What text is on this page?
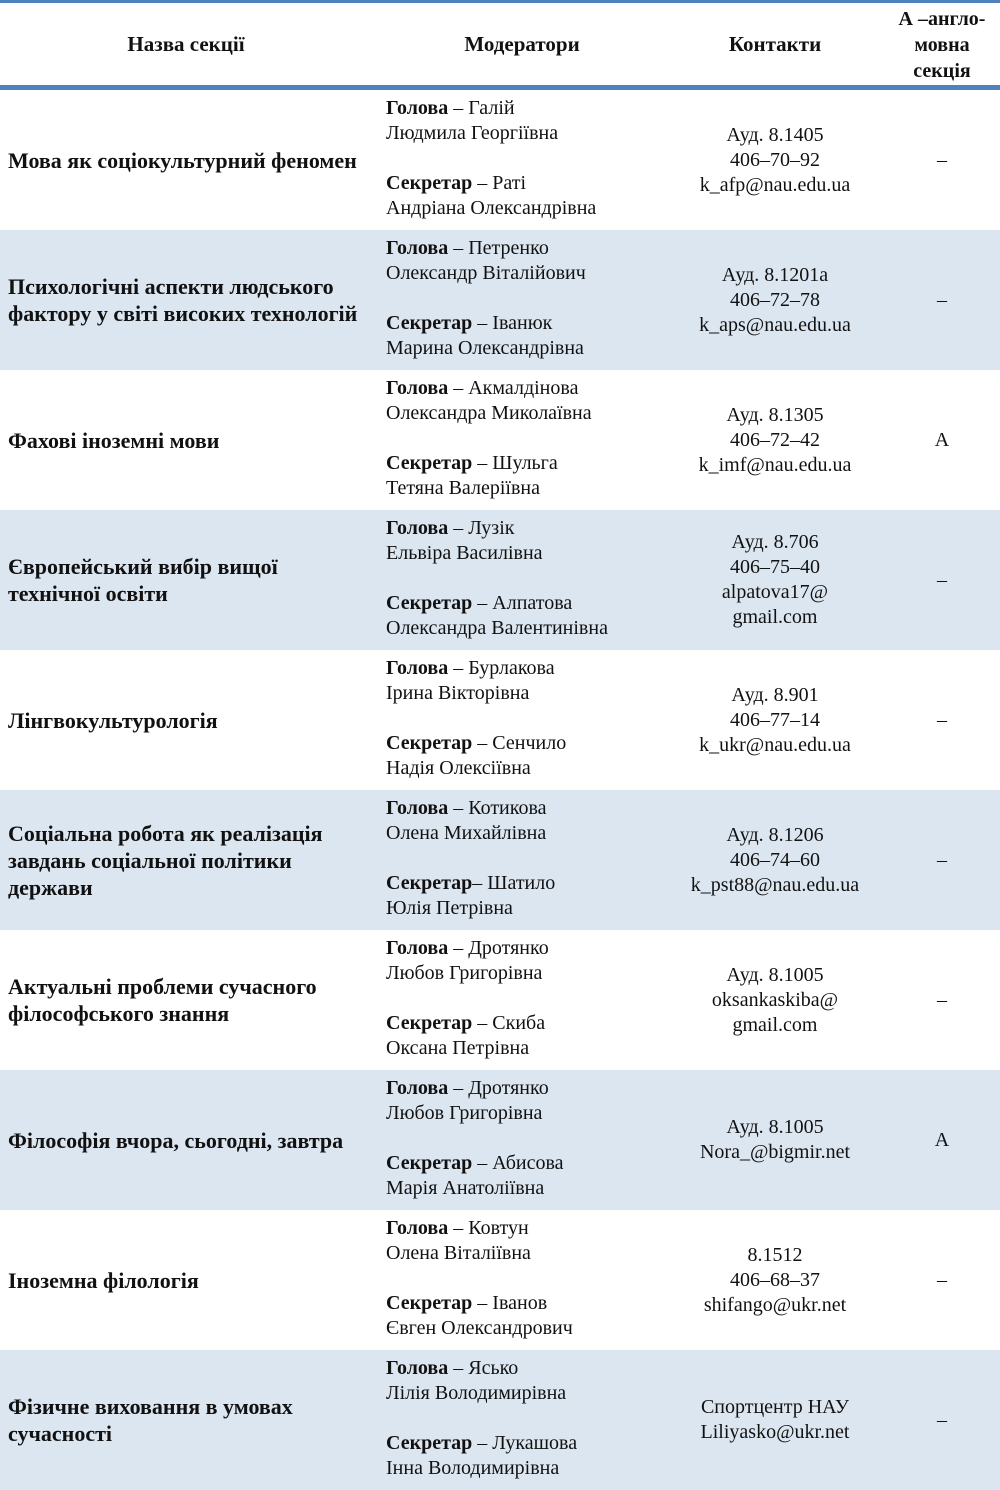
Назва секції	Модератори	Контакти
А –англо-мовна секція
Мова як соціокультурний феномен
Голова – Галій
Людмила Георгіївна
Секретар – Раті
Андріана Олександрівна
Ауд. 8.1405
406–70–92
k_afp@nau.edu.ua
–
Психологічні аспекти людського фактору у світі високих технологій
Голова – Петренко
Олександр Віталійович
Секретар – Іванюк
Марина Олександрівна
Ауд. 8.1201а
406–72–78
k_aps@nau.edu.ua
–
Фахові іноземні мови
Голова – Акмалдінова
Олександра Миколаївна
Секретар – Шульга
Тетяна Валеріївна
Ауд. 8.1305
406–72–42
k_imf@nau.edu.ua
А
Європейський вибір вищої технічної освіти
Голова – Лузік
Ельвіра Василівна
Секретар – Алпатова
Олександра Валентинівна
Ауд. 8.706
406–75–40
alpatova17@
gmail.com
–
Лінгвокультурологія
Голова – Бурлакова
Ірина Вікторівна
Секретар – Сенчило
Надія Олексіївна
Ауд. 8.901
406–77–14
k_ukr@nau.edu.ua
–
Соціальна робота як реалізація завдань соціальної політики держави
Голова – Котикова
Олена Михайлівна
Секретар– Шатило
Юлія Петрівна
Ауд. 8.1206
406–74–60
k_pst88@nau.edu.ua
–
Актуальні проблеми сучасного філософського знання
Голова – Дротянко
Любов Григорівна
Секретар – Скиба
Оксана Петрівна
Ауд. 8.1005
oksankaskiba@
gmail.com
–
Філософія вчора, сьогодні, завтра
Голова – Дротянко
Любов Григорівна
Секретар – Абисова
Марія Анатоліївна
Ауд. 8.1005
Nora_@bigmir.net
А
Іноземна філологія
Голова – Ковтун
Олена Віталіївна
Секретар – Іванов
Євген Олександрович
8.1512
406–68–37
shifango@ukr.net
–
Фізичне виховання в умовах сучасності
Голова – Ясько
Лілія Володимирівна
Секретар – Лукашова
Інна Володимирівна
Спортцентр НАУ
Liliyasko@ukr.net
–
